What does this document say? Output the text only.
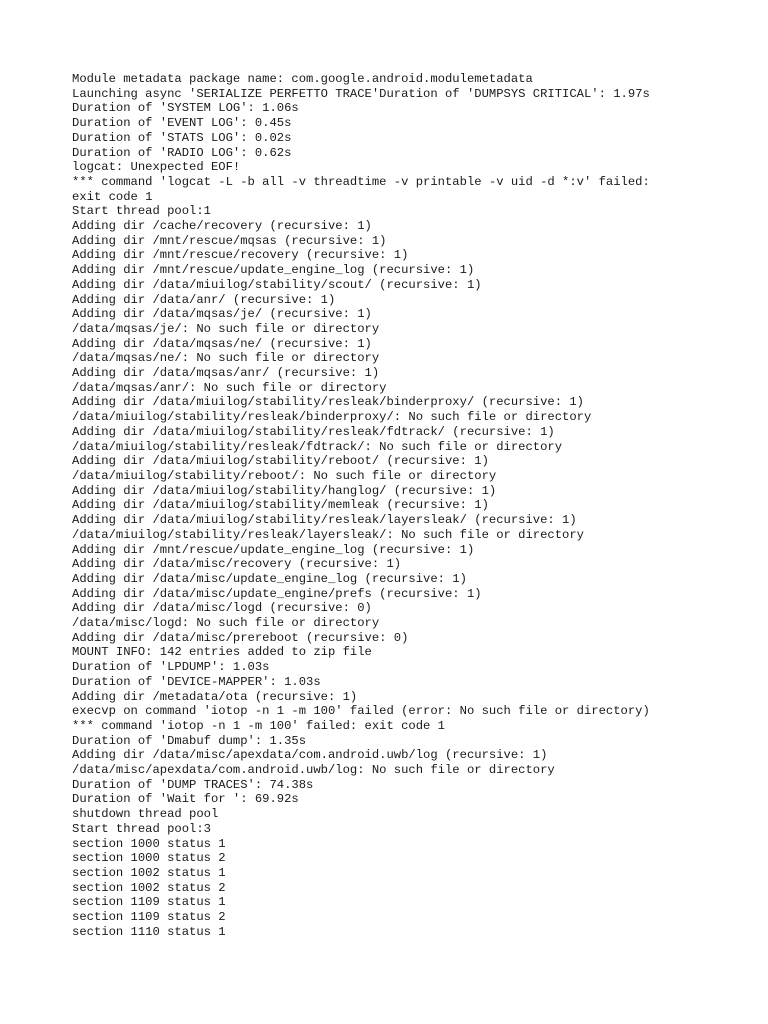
Module metadata package name: com.google.android.modulemetadata
Launching async 'SERIALIZE PERFETTO TRACE'Duration of 'DUMPSYS CRITICAL': 1.97s
Duration of 'SYSTEM LOG': 1.06s
Duration of 'EVENT LOG': 0.45s
Duration of 'STATS LOG': 0.02s
Duration of 'RADIO LOG': 0.62s
logcat: Unexpected EOF!
*** command 'logcat -L -b all -v threadtime -v printable -v uid -d *:v' failed:
exit code 1
Start thread pool:1
Adding dir /cache/recovery (recursive: 1)
Adding dir /mnt/rescue/mqsas (recursive: 1)
Adding dir /mnt/rescue/recovery (recursive: 1)
Adding dir /mnt/rescue/update_engine_log (recursive: 1)
Adding dir /data/miuilog/stability/scout/ (recursive: 1)
Adding dir /data/anr/ (recursive: 1)
Adding dir /data/mqsas/je/ (recursive: 1)
/data/mqsas/je/: No such file or directory
Adding dir /data/mqsas/ne/ (recursive: 1)
/data/mqsas/ne/: No such file or directory
Adding dir /data/mqsas/anr/ (recursive: 1)
/data/mqsas/anr/: No such file or directory
Adding dir /data/miuilog/stability/resleak/binderproxy/ (recursive: 1)
/data/miuilog/stability/resleak/binderproxy/: No such file or directory
Adding dir /data/miuilog/stability/resleak/fdtrack/ (recursive: 1)
/data/miuilog/stability/resleak/fdtrack/: No such file or directory
Adding dir /data/miuilog/stability/reboot/ (recursive: 1)
/data/miuilog/stability/reboot/: No such file or directory
Adding dir /data/miuilog/stability/hanglog/ (recursive: 1)
Adding dir /data/miuilog/stability/memleak (recursive: 1)
Adding dir /data/miuilog/stability/resleak/layersleak/ (recursive: 1)
/data/miuilog/stability/resleak/layersleak/: No such file or directory
Adding dir /mnt/rescue/update_engine_log (recursive: 1)
Adding dir /data/misc/recovery (recursive: 1)
Adding dir /data/misc/update_engine_log (recursive: 1)
Adding dir /data/misc/update_engine/prefs (recursive: 1)
Adding dir /data/misc/logd (recursive: 0)
/data/misc/logd: No such file or directory
Adding dir /data/misc/prereboot (recursive: 0)
MOUNT INFO: 142 entries added to zip file
Duration of 'LPDUMP': 1.03s
Duration of 'DEVICE-MAPPER': 1.03s
Adding dir /metadata/ota (recursive: 1)
execvp on command 'iotop -n 1 -m 100' failed (error: No such file or directory)
*** command 'iotop -n 1 -m 100' failed: exit code 1
Duration of 'Dmabuf dump': 1.35s
Adding dir /data/misc/apexdata/com.android.uwb/log (recursive: 1)
/data/misc/apexdata/com.android.uwb/log: No such file or directory
Duration of 'DUMP TRACES': 74.38s
Duration of 'Wait for ': 69.92s
shutdown thread pool
Start thread pool:3
section 1000 status 1
section 1000 status 2
section 1002 status 1
section 1002 status 2
section 1109 status 1
section 1109 status 2
section 1110 status 1
